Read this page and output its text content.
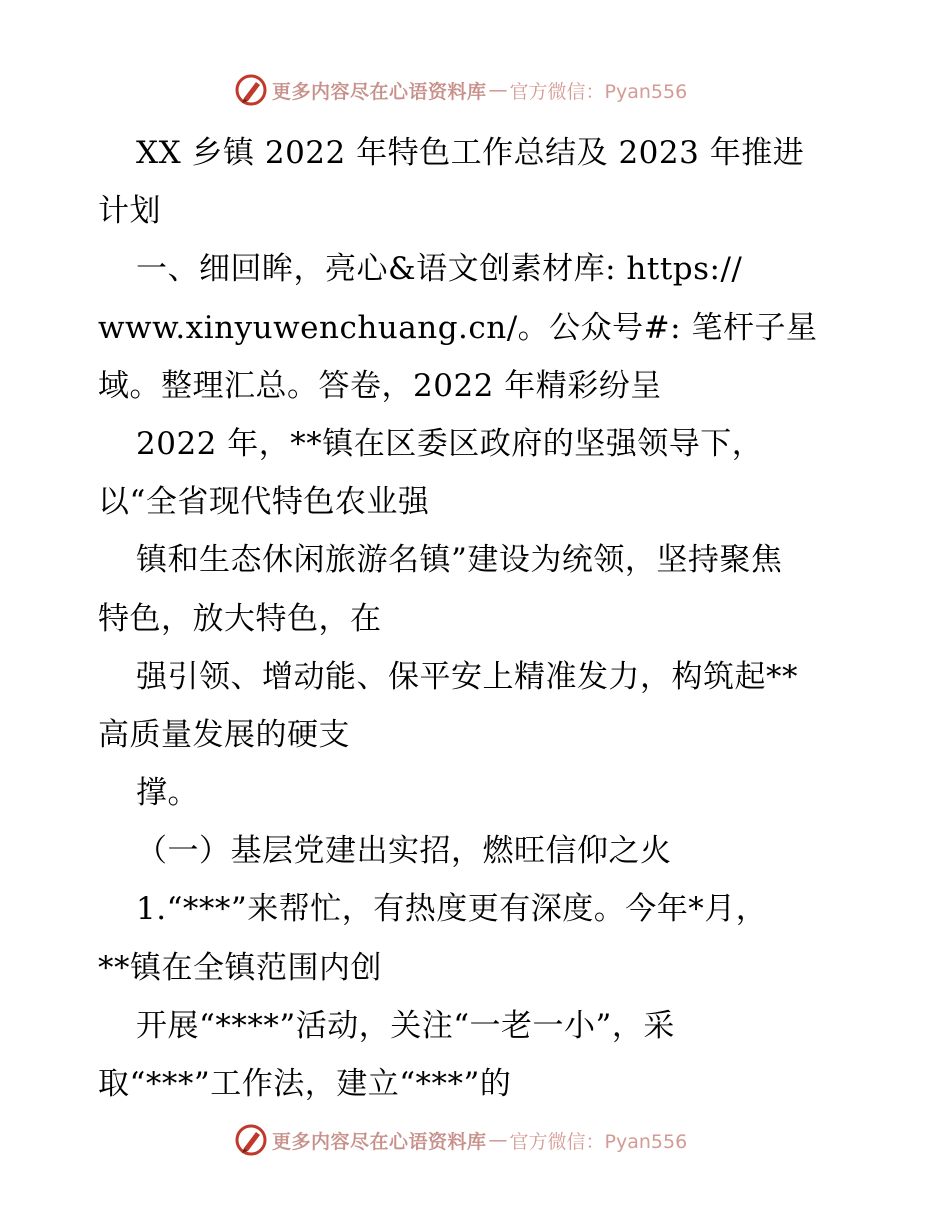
更多内容尽在心语资料库 — 官方微信：Pyan556
XX 乡镇 2022 年特色工作总结及 2023 年推进
计划
一、细回眸，亮心&语文创素材库: https://
www.xinyuwenchuang.cn/。公众号#: 笔杆子星
域。整理汇总。答卷，2022 年精彩纷呈
2022 年，**镇在区委区政府的坚强领导下，
以“全省现代特色农业强
镇和生态休闲旅游名镇”建设为统领，坚持聚焦
特色，放大特色，在
强引领、增动能、保平安上精准发力，构筑起**
高质量发展的硬支
撑。
（一）基层党建出实招，燃旺信仰之火
1.“***”来帮忙，有热度更有深度。今年*月，
**镇在全镇范围内创
开展“****”活动，关注“一老一小”，采
取“***”工作法，建立“***”的
更多内容尽在心语资料库 — 官方微信：Pyan556
